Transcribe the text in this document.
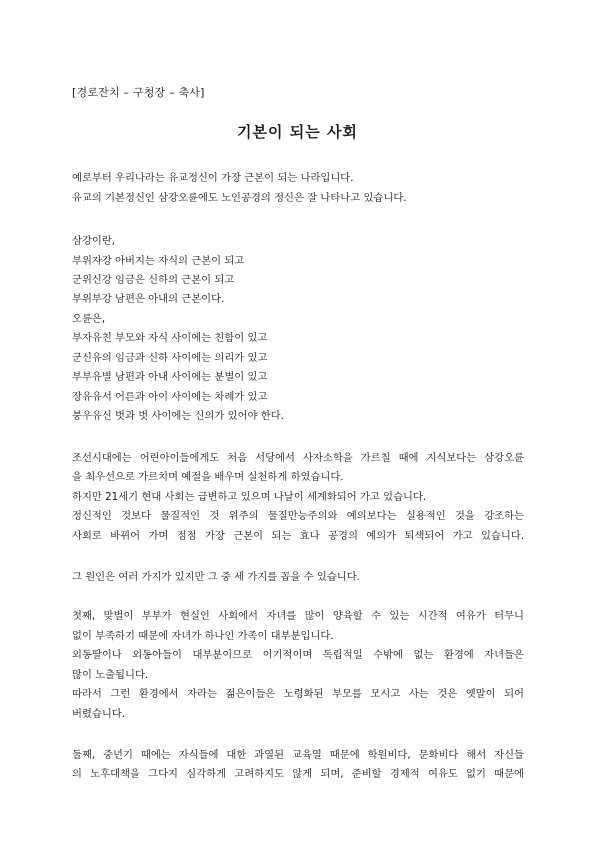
[경로잔치 – 구청장 – 축사]
기본이 되는 사회
예로부터 우리나라는 유교정신이 가장 근본이 되는 나라입니다.
유교의 기본정신인 삼강오륜에도 노인공경의 정신은 잘 나타나고 있습니다.
삼강이란,
부위자강 아버지는 자식의 근본이 되고
군위신강 임금은 신하의 근본이 되고
부위부강 남편은 아내의 근본이다.
오륜은,
부자유친 부모와 자식 사이에는 친함이 있고
군신유의 임금과 신하 사이에는 의리가 있고
부부유별 남편과 아내 사이에는 분별이 있고
장유유서 어른과 아이 사이에는 차례가 있고
붕우유신 벗과 벗 사이에는 신의가 있어야 한다.
조선시대에는 어린아이들에게도 처음 서당에서 사자소학을 가르칠 때에 지식보다는 삼강오륜
을 최우선으로 가르치며 예절을 배우며 실천하게 하였습니다.
하지만 21세기 현대 사회는 급변하고 있으며 나날이 세계화되어 가고 있습니다.
정신적인 것보다 물질적인 것 위주의 물질만능주의와 예의보다는 실용적인 것을 강조하는
사회로 바뀌어 가며 점점 가장 근본이 되는 효나 공경의 예의가 퇴색되어 가고 있습니다.
그 원인은 여러 가지가 있지만 그 중 세 가지를 꼽을 수 있습니다.
첫째, 맞벌이 부부가 현실인 사회에서 자녀를 많이 양육할 수 있는 시간적 여유가 터무니
없이 부족하기 때문에 자녀가 하나인 가족이 대부분입니다.
외동딸이나 외동아들이 대부분이므로 이기적이며 독립적일 수밖에 없는 환경에 자녀들은
많이 노출됩니다.
따라서 그런 환경에서 자라는 젊은이들은 노령화된 부모를 모시고 사는 것은 옛말이 되어
버렸습니다.
둘째, 중년기 때에는 자식들에 대한 과열된 교육열 때문에 학원비다, 문화비다 해서 자신들
의 노후대책을 그다지 심각하게 고려하지도 않게 되며, 준비할 경제적 여유도 없기 때문에
